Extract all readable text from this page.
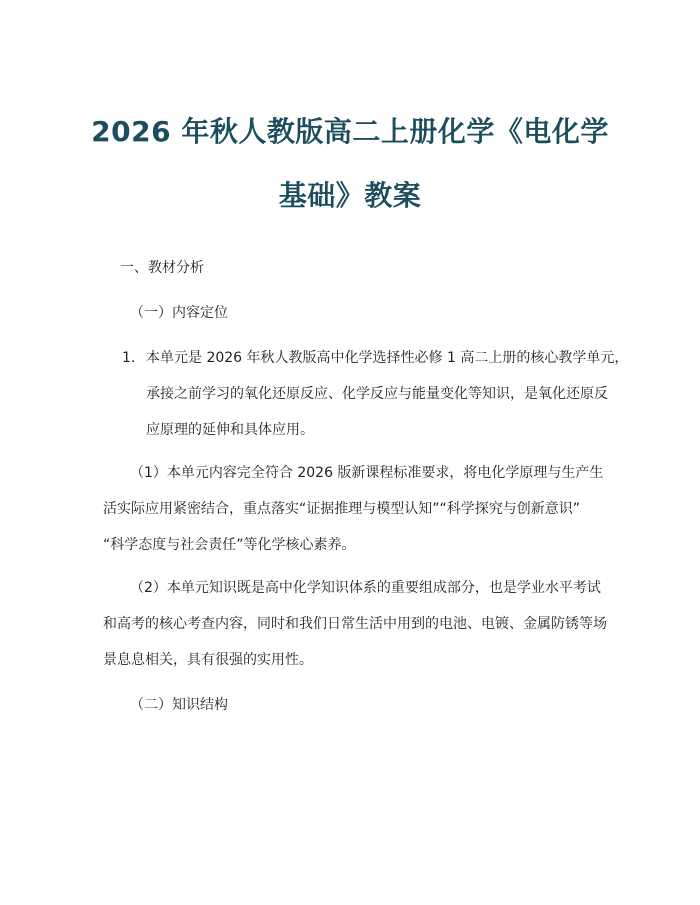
2026 年秋人教版高二上册化学《电化学
基础》教案
一、教材分析
（一）内容定位
1. 本单元是 2026 年秋人教版高中化学选择性必修 1 高二上册的核心教学单元，
承接之前学习的氧化还原反应、化学反应与能量变化等知识，是氧化还原反
应原理的延伸和具体应用。
（1）本单元内容完全符合 2026 版新课程标准要求，将电化学原理与生产生
活实际应用紧密结合，重点落实“证据推理与模型认知”“科学探究与创新意识”
“科学态度与社会责任”等化学核心素养。
（2）本单元知识既是高中化学知识体系的重要组成部分，也是学业水平考试
和高考的核心考查内容，同时和我们日常生活中用到的电池、电镀、金属防锈等场
景息息相关，具有很强的实用性。
（二）知识结构
